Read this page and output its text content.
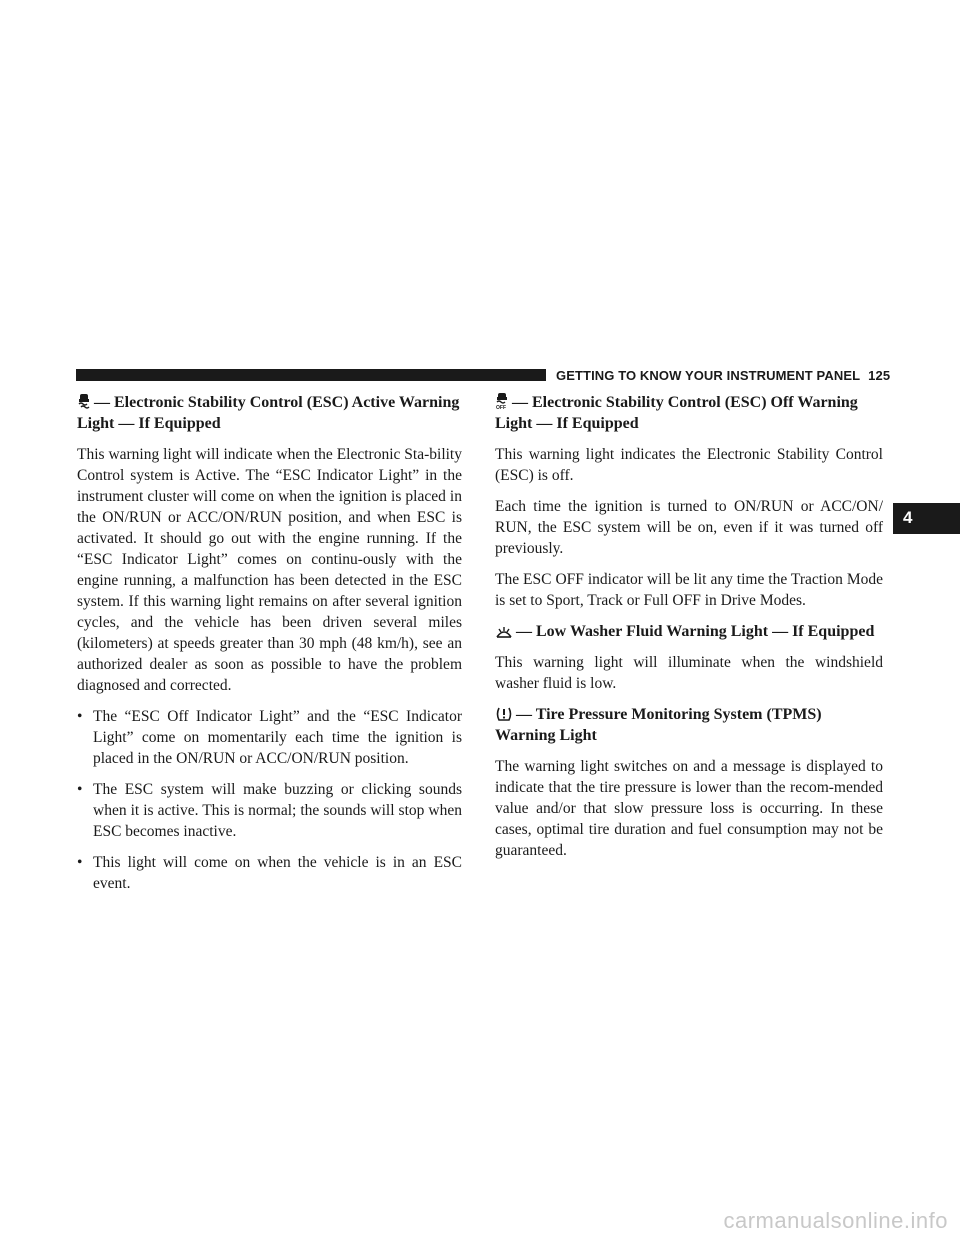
GETTING TO KNOW YOUR INSTRUMENT PANEL 125
4
— Electronic Stability Control (ESC) Active Warning Light — If Equipped

This warning light will indicate when the Electronic Sta-bility Control system is Active. The “ESC Indicator Light” in the instrument cluster will come on when the ignition is placed in the ON/RUN or ACC/ON/RUN position, and when ESC is activated. It should go out with the engine running. If the “ESC Indicator Light” comes on continu-ously with the engine running, a malfunction has been detected in the ESC system. If this warning light remains on after several ignition cycles, and the vehicle has been driven several miles (kilometers) at speeds greater than 30 mph (48 km/h), see an authorized dealer as soon as possible to have the problem diagnosed and corrected.

• The “ESC Off Indicator Light” and the “ESC Indicator Light” come on momentarily each time the ignition is placed in the ON/RUN or ACC/ON/RUN position.
• The ESC system will make buzzing or clicking sounds when it is active. This is normal; the sounds will stop when ESC becomes inactive.
• This light will come on when the vehicle is in an ESC event.
OFF — Electronic Stability Control (ESC) Off Warning Light — If Equipped

This warning light indicates the Electronic Stability Control (ESC) is off.

Each time the ignition is turned to ON/RUN or ACC/ON/ RUN, the ESC system will be on, even if it was turned off previously.

The ESC OFF indicator will be lit any time the Traction Mode is set to Sport, Track or Full OFF in Drive Modes.

— Low Washer Fluid Warning Light — If Equipped

This warning light will illuminate when the windshield washer fluid is low.

— Tire Pressure Monitoring System (TPMS) Warning Light

The warning light switches on and a message is displayed to indicate that the tire pressure is lower than the recom-mended value and/or that slow pressure loss is occurring. In these cases, optimal tire duration and fuel consumption may not be guaranteed.

carmanualsonline.info
